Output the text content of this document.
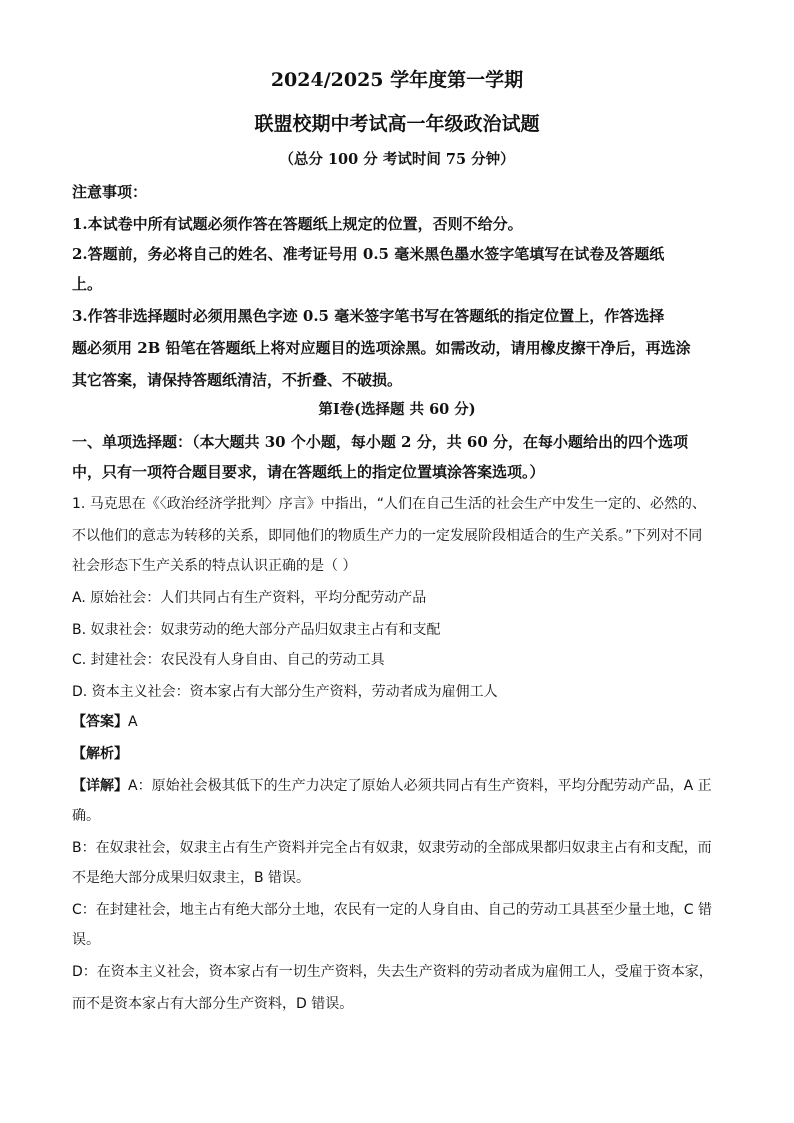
2024/2025 学年度第一学期
联盟校期中考试高一年级政治试题
（总分 100 分 考试时间 75 分钟）
注意事项：
1.本试卷中所有试题必须作答在答题纸上规定的位置，否则不给分。
2.答题前，务必将自己的姓名、准考证号用 0.5 毫米黑色墨水签字笔填写在试卷及答题纸
上。
3.作答非选择题时必须用黑色字迹 0.5 毫米签字笔书写在答题纸的指定位置上，作答选择
题必须用 2B 铅笔在答题纸上将对应题目的选项涂黑。如需改动，请用橡皮擦干净后，再选涂
其它答案，请保持答题纸清洁，不折叠、不破损。
第Ⅰ卷(选择题 共 60 分)
一、单项选择题：（本大题共 30 个小题，每小题 2 分，共 60 分，在每小题给出的四个选项
中，只有一项符合题目要求，请在答题纸上的指定位置填涂答案选项。）
1. 马克思在《〈政治经济学批判〉序言》中指出，“人们在自己生活的社会生产中发生一定的、必然的、
不以他们的意志为转移的关系，即同他们的物质生产力的一定发展阶段相适合的生产关系。”下列对不同
社会形态下生产关系的特点认识正确的是（ ）
A. 原始社会：人们共同占有生产资料，平均分配劳动产品
B. 奴隶社会：奴隶劳动的绝大部分产品归奴隶主占有和支配
C. 封建社会：农民没有人身自由、自己的劳动工具
D. 资本主义社会：资本家占有大部分生产资料，劳动者成为雇佣工人
【答案】A
【解析】
【详解】A：原始社会极其低下的生产力决定了原始人必须共同占有生产资料，平均分配劳动产品，A 正
确。
B：在奴隶社会，奴隶主占有生产资料并完全占有奴隶，奴隶劳动的全部成果都归奴隶主占有和支配，而
不是绝大部分成果归奴隶主，B 错误。
C：在封建社会，地主占有绝大部分土地，农民有一定的人身自由、自己的劳动工具甚至少量土地，C 错
误。
D：在资本主义社会，资本家占有一切生产资料，失去生产资料的劳动者成为雇佣工人，受雇于资本家，
而不是资本家占有大部分生产资料，D 错误。
